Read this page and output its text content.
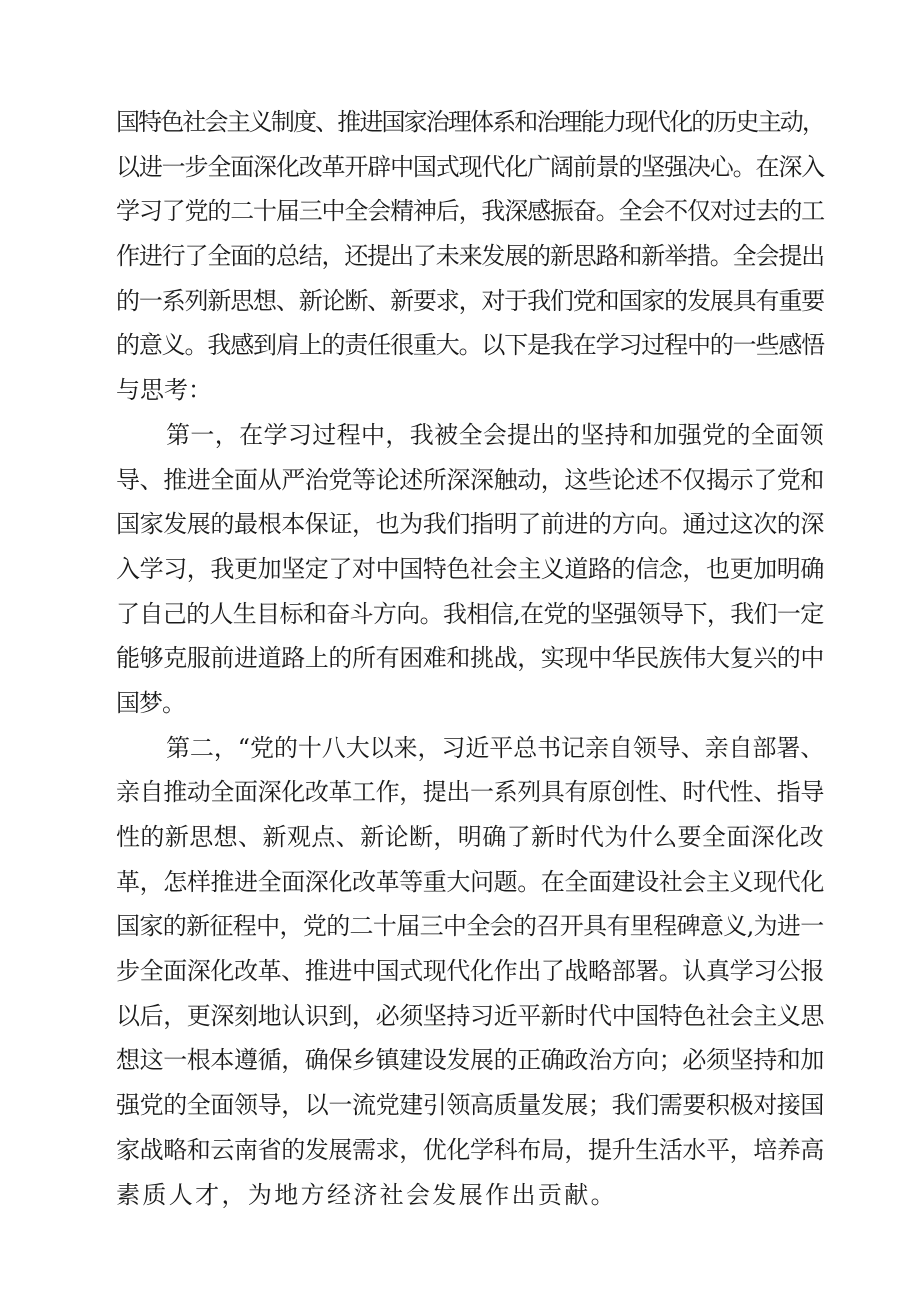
国特色社会主义制度、推进国家治理体系和治理能力现代化的历史主动，

以进一步全面深化改革开辟中国式现代化广阔前景的坚强决心。在深入

学习了党的二十届三中全会精神后，我深感振奋。全会不仅对过去的工

作进行了全面的总结，还提出了未来发展的新思路和新举措。全会提出

的一系列新思想、新论断、新要求，对于我们党和国家的发展具有重要

的意义。我感到肩上的责任很重大。以下是我在学习过程中的一些感悟

与思考：

第一，在学习过程中，我被全会提出的坚持和加强党的全面领

导、推进全面从严治党等论述所深深触动，这些论述不仅揭示了党和

国家发展的最根本保证，也为我们指明了前进的方向。通过这次的深

入学习，我更加坚定了对中国特色社会主义道路的信念，也更加明确

了自己的人生目标和奋斗方向。我相信,在党的坚强领导下，我们一定

能够克服前进道路上的所有困难和挑战，实现中华民族伟大复兴的中

国梦。

第二，“党的十八大以来，习近平总书记亲自领导、亲自部署、

亲自推动全面深化改革工作，提出一系列具有原创性、时代性、指导

性的新思想、新观点、新论断，明确了新时代为什么要全面深化改

革，怎样推进全面深化改革等重大问题。在全面建设社会主义现代化

国家的新征程中，党的二十届三中全会的召开具有里程碑意义,为进一

步全面深化改革、推进中国式现代化作出了战略部署。认真学习公报

以后，更深刻地认识到，必须坚持习近平新时代中国特色社会主义思

想这一根本遵循，确保乡镇建设发展的正确政治方向；必须坚持和加

强党的全面领导，以一流党建引领高质量发展；我们需要积极对接国

家战略和云南省的发展需求，优化学科布局，提升生活水平，培养高

素质人才，为地方经济社会发展作出贡献。
